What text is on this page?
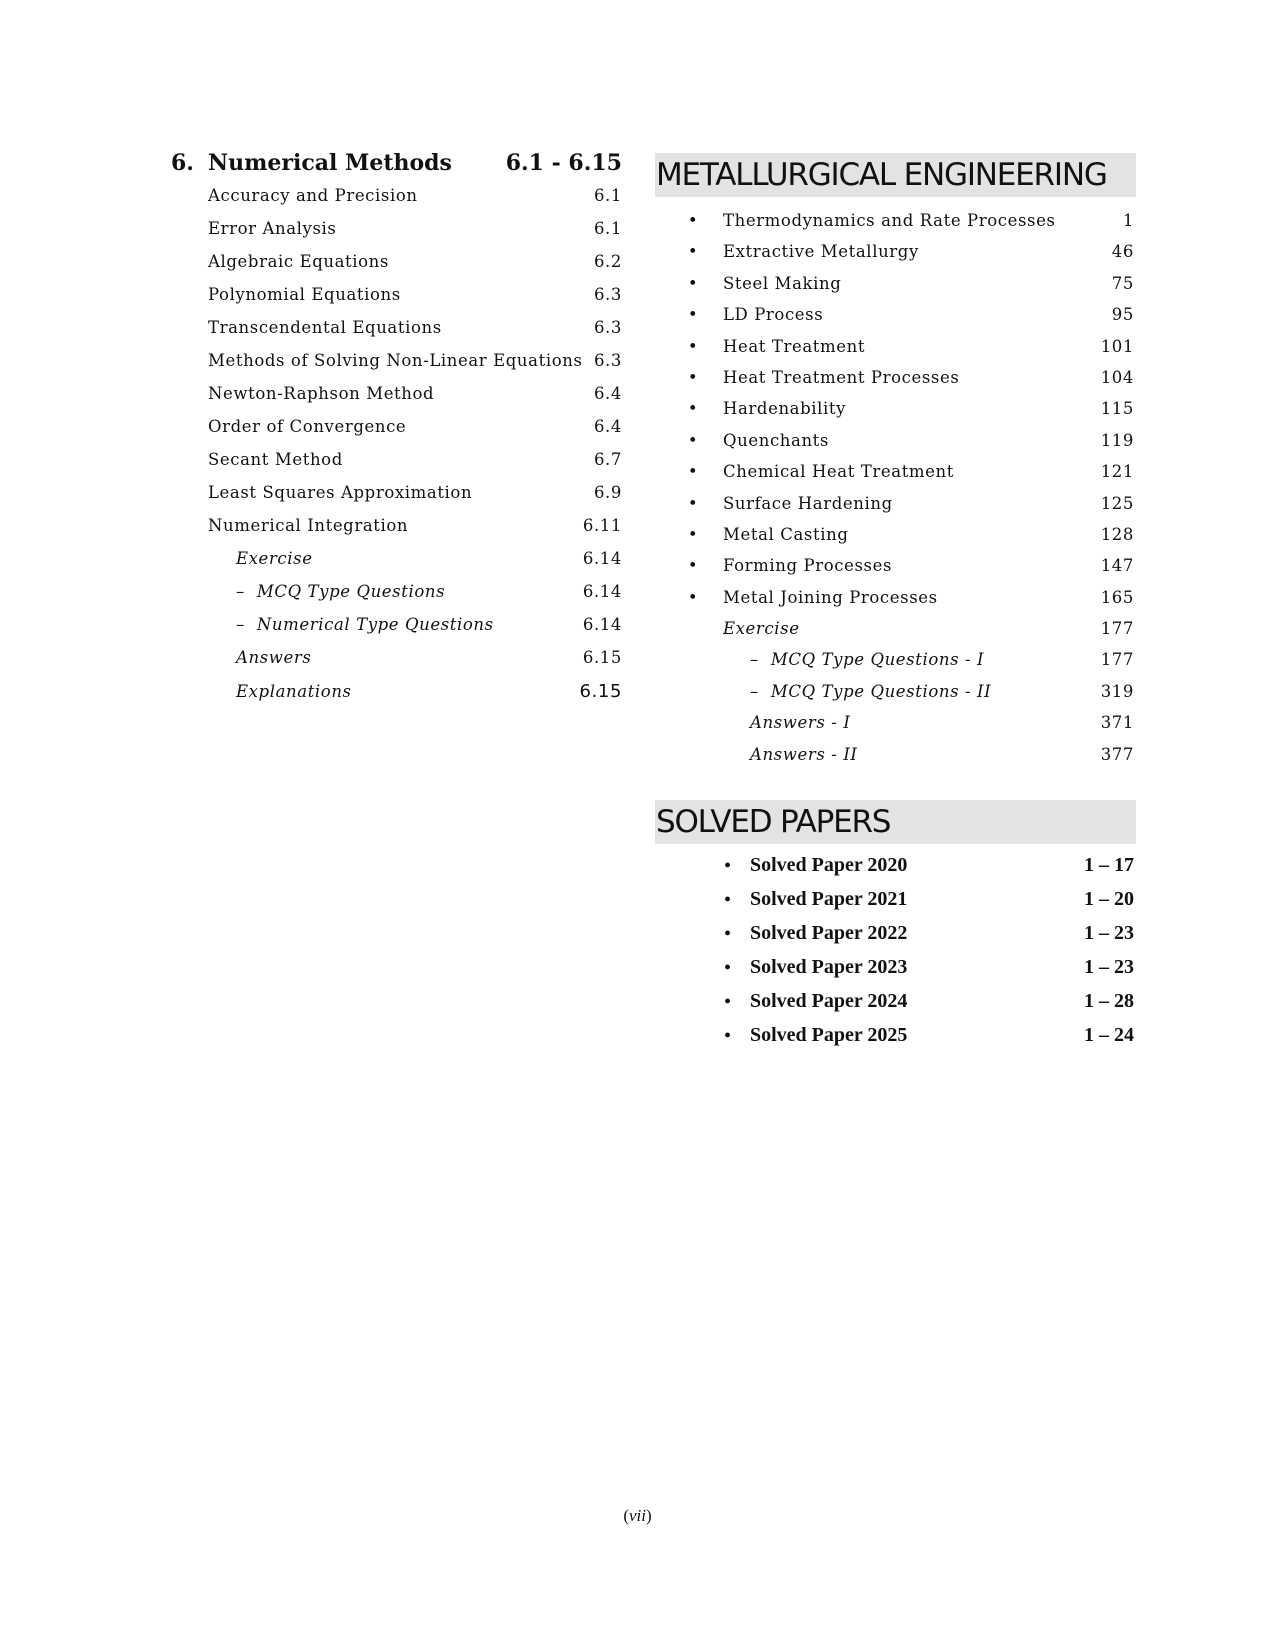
6. Numerical Methods	6.1 - 6.15
Accuracy and Precision	6.1
Error Analysis	6.1
Algebraic Equations	6.2
Polynomial Equations	6.3
Transcendental Equations	6.3
Methods of Solving Non-Linear Equations 6.3
Newton-Raphson Method	6.4
Order of Convergence	6.4
Secant Method	6.7
Least Squares Approximation	6.9
Numerical Integration	6.11
Exercise	6.14
– MCQ Type Questions	6.14
– Numerical Type Questions	6.14
Answers	6.15
Explanations	6.15
METALLURGICAL ENGINEERING
•	Thermodynamics and Rate Processes	1
•	Extractive Metallurgy	46
•	Steel Making	75
•	LD Process	95
•	Heat Treatment	101
•	Heat Treatment Processes	104
•	Hardenability	115
•	Quenchants	119
•	Chemical Heat Treatment	121
•	Surface Hardening	125
•	Metal Casting	128
•	Forming Processes	147
•	Metal Joining Processes	165
Exercise	177
– MCQ Type Questions - I	177
– MCQ Type Questions - II	319
Answers - I	371
Answers - II	377
SOLVED PAPERS
• Solved Paper 2020	1 – 17
• Solved Paper 2021	1 – 20
• Solved Paper 2022	1 – 23
• Solved Paper 2023	1 – 23
• Solved Paper 2024	1 – 28
• Solved Paper 2025	1 – 24
(vii)
